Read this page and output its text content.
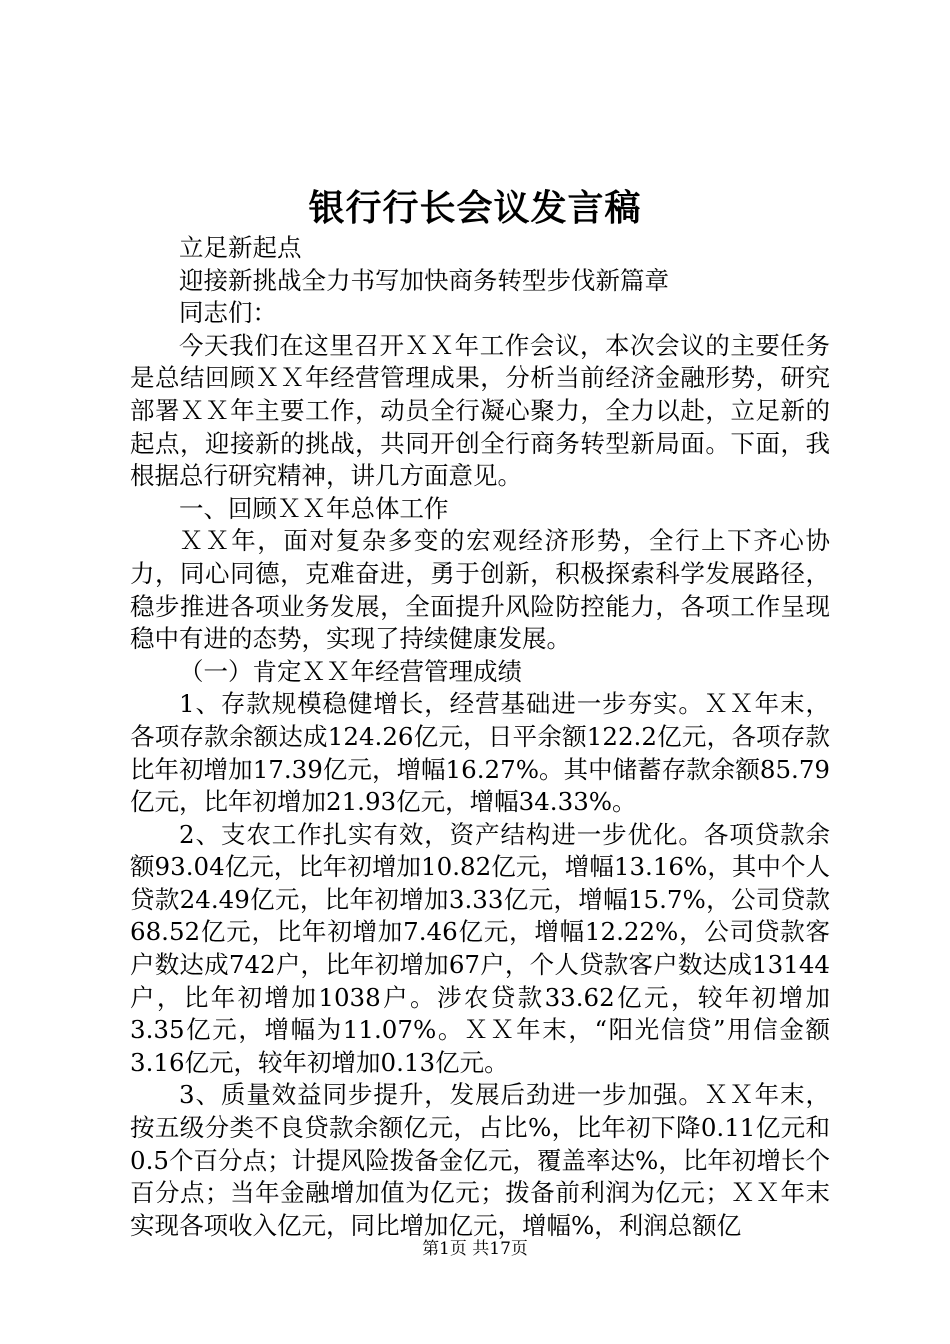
银行行长会议发言稿

立足新起点

迎接新挑战全力书写加快商务转型步伐新篇章

同志们：

今天我们在这里召开ＸＸ年工作会议，本次会议的主要任务是总结回顾ＸＸ年经营管理成果，分析当前经济金融形势，研究部署ＸＸ年主要工作，动员全行凝心聚力，全力以赴，立足新的起点，迎接新的挑战，共同开创全行商务转型新局面。下面，我根据总行研究精神，讲几方面意见。

一、回顾ＸＸ年总体工作

ＸＸ年，面对复杂多变的宏观经济形势，全行上下齐心协力，同心同德，克难奋进，勇于创新，积极探索科学发展路径，稳步推进各项业务发展，全面提升风险防控能力，各项工作呈现稳中有进的态势，实现了持续健康发展。

（一）肯定ＸＸ年经营管理成绩

1、存款规模稳健增长，经营基础进一步夯实。ＸＸ年末，各项存款余额达成124.26亿元，日平余额122.2亿元，各项存款比年初增加17.39亿元，增幅16.27%。其中储蓄存款余额85.79亿元，比年初增加21.93亿元，增幅34.33%。

2、支农工作扎实有效，资产结构进一步优化。各项贷款余额93.04亿元，比年初增加10.82亿元，增幅13.16%，其中个人贷款24.49亿元，比年初增加3.33亿元，增幅15.7%，公司贷款68.52亿元，比年初增加7.46亿元，增幅12.22%，公司贷款客户数达成742户，比年初增加67户，个人贷款客户数达成13144户，比年初增加1038户。涉农贷款33.62亿元，较年初增加3.35亿元，增幅为11.07%。ＸＸ年末，“阳光信贷”用信金额3.16亿元，较年初增加0.13亿元。

3、质量效益同步提升，发展后劲进一步加强。ＸＸ年末，按五级分类不良贷款余额亿元，占比%，比年初下降0.11亿元和0.5个百分点；计提风险拨备金亿元，覆盖率达%，比年初增长个百分点；当年金融增加值为亿元；拨备前利润为亿元；ＸＸ年末实现各项收入亿元，同比增加亿元，增幅%，利润总额亿

第1页 共17页
